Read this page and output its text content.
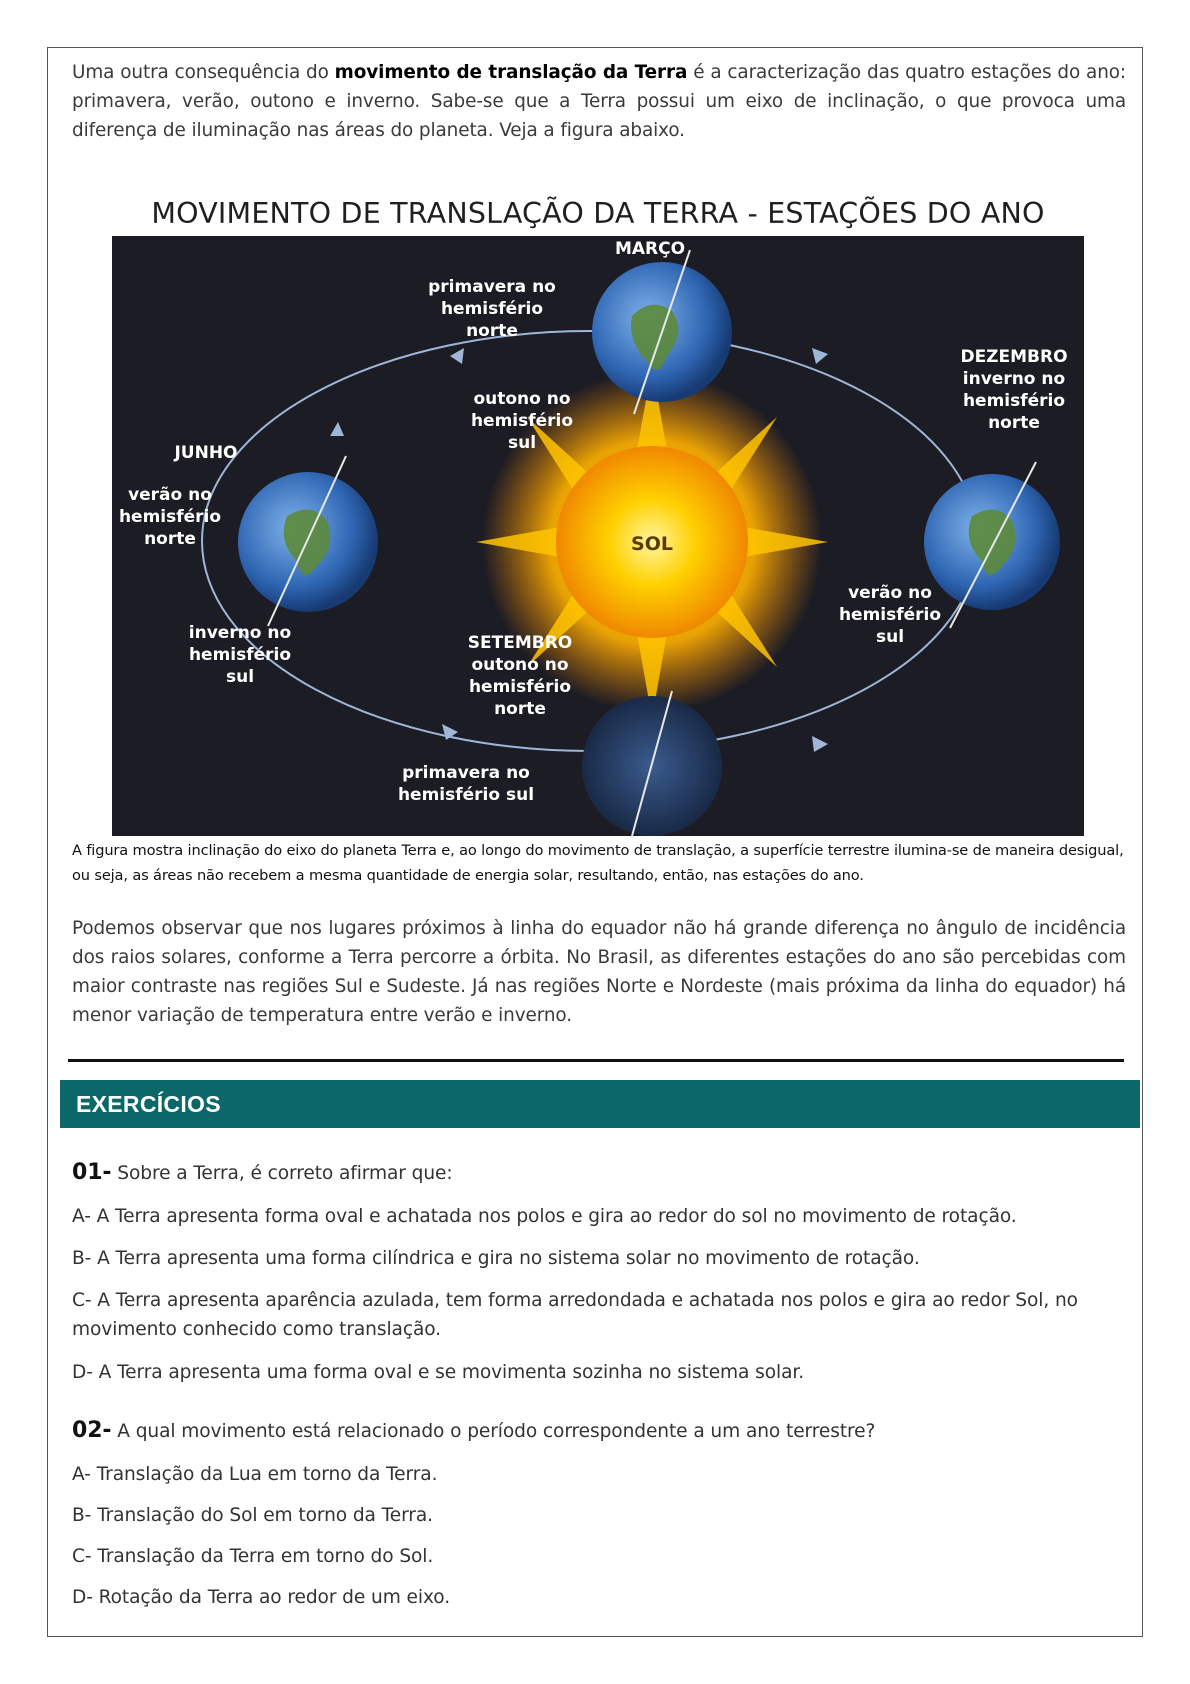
Uma outra consequência do movimento de translação da Terra é a caracterização das quatro estações do ano: primavera, verão, outono e inverno. Sabe-se que a Terra possui um eixo de inclinação, o que provoca uma diferença de iluminação nas áreas do planeta. Veja a figura abaixo.

MOVIMENTO DE TRANSLAÇÃO DA TERRA - ESTAÇÕES DO ANO
SOL
MARÇO
primavera no
hemisfério
norte
outono no
hemisfério
sul
JUNHO
verão no
hemisfério
norte
inverno no
hemisfério
sul
SETEMBRO
outono no
hemisfério
norte
primavera no
hemisfério sul
DEZEMBRO
inverno no
hemisfério
norte
verão no
hemisfério
sul

A figura mostra inclinação do eixo do planeta Terra e, ao longo do movimento de translação, a superfície terrestre ilumina-se de maneira desigual, ou seja, as áreas não recebem a mesma quantidade de energia solar, resultando, então, nas estações do ano.

Podemos observar que nos lugares próximos à linha do equador não há grande diferença no ângulo de incidência dos raios solares, conforme a Terra percorre a órbita. No Brasil, as diferentes estações do ano são percebidas com maior contraste nas regiões Sul e Sudeste. Já nas regiões Norte e Nordeste (mais próxima da linha do equador) há menor variação de temperatura entre verão e inverno.

EXERCÍCIOS
01- Sobre a Terra, é correto afirmar que:
A- A Terra apresenta forma oval e achatada nos polos e gira ao redor do sol no movimento de rotação.
B- A Terra apresenta uma forma cilíndrica e gira no sistema solar no movimento de rotação.
C- A Terra apresenta aparência azulada, tem forma arredondada e achatada nos polos e gira ao redor Sol, no movimento conhecido como translação.
D- A Terra apresenta uma forma oval e se movimenta sozinha no sistema solar.
02- A qual movimento está relacionado o período correspondente a um ano terrestre?
A- Translação da Lua em torno da Terra.
B- Translação do Sol em torno da Terra.
C- Translação da Terra em torno do Sol.
D- Rotação da Terra ao redor de um eixo.
